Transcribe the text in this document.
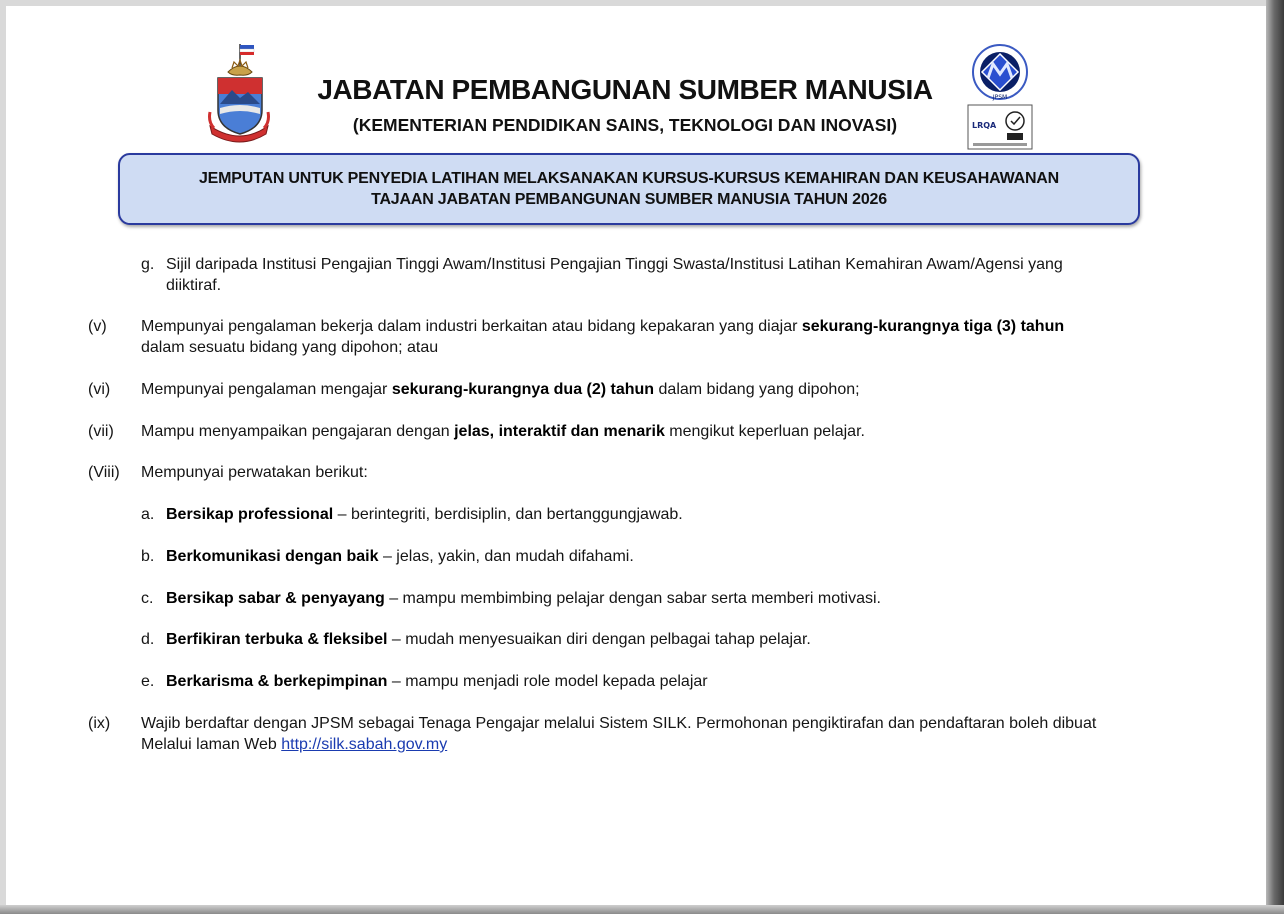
JPSM
LRQA
JABATAN PEMBANGUNAN SUMBER MANUSIA
(KEMENTERIAN PENDIDIKAN SAINS, TEKNOLOGI DAN INOVASI)
JEMPUTAN UNTUK PENYEDIA LATIHAN MELAKSANAKAN KURSUS-KURSUS KEMAHIRAN DAN KEUSAHAWANAN
TAJAAN JABATAN PEMBANGUNAN SUMBER MANUSIA TAHUN 2026
g. Sijil daripada Institusi Pengajian Tinggi Awam/Institusi Pengajian Tinggi Swasta/Institusi Latihan Kemahiran Awam/Agensi yang
diiktiraf.
(v) Mempunyai pengalaman bekerja dalam industri berkaitan atau bidang kepakaran yang diajar sekurang-kurangnya tiga (3) tahun
dalam sesuatu bidang yang dipohon; atau
(vi) Mempunyai pengalaman mengajar sekurang-kurangnya dua (2) tahun dalam bidang yang dipohon;
(vii) Mampu menyampaikan pengajaran dengan jelas, interaktif dan menarik mengikut keperluan pelajar.
(Viii) Mempunyai perwatakan berikut:
a. Bersikap professional – berintegriti, berdisiplin, dan bertanggungjawab.
b. Berkomunikasi dengan baik – jelas, yakin, dan mudah difahami.
c. Bersikap sabar & penyayang – mampu membimbing pelajar dengan sabar serta memberi motivasi.
d. Berfikiran terbuka & fleksibel – mudah menyesuaikan diri dengan pelbagai tahap pelajar.
e. Berkarisma & berkepimpinan – mampu menjadi role model kepada pelajar
(ix) Wajib berdaftar dengan JPSM sebagai Tenaga Pengajar melalui Sistem SILK. Permohonan pengiktirafan dan pendaftaran boleh dibuat
Melalui laman Web http://silk.sabah.gov.my
